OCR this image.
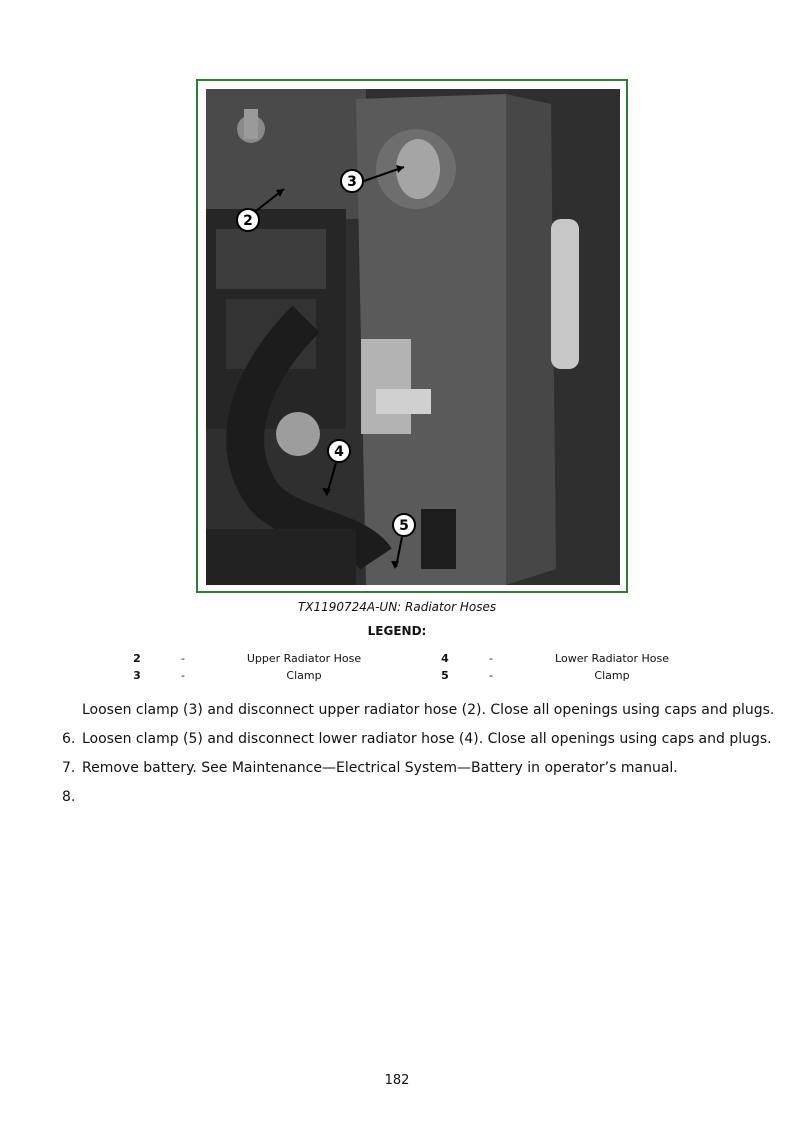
3
2
4
5
TX1190724A-UN: Radiator Hoses
LEGEND:
2	-	Upper Radiator Hose	4	-	Lower Radiator Hose
3	-	Clamp	5	-	Clamp
Loosen clamp (3) and disconnect upper radiator hose (2). Close all openings using caps and plugs.
6. Loosen clamp (5) and disconnect lower radiator hose (4). Close all openings using caps and plugs.
7. Remove battery. See Maintenance—Electrical System—Battery in operator’s manual.
8.
182
